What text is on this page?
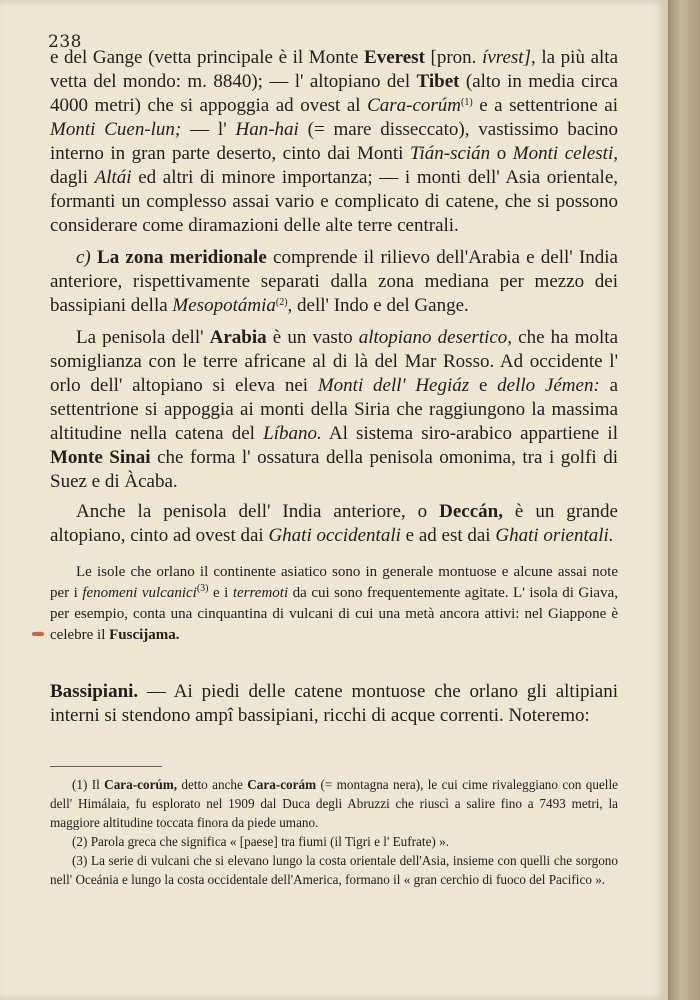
238

e del Gange (vetta principale è il Monte Everest [pron. ívrest], la più alta vetta del mondo: m. 8840); — l' altopiano del Tibet (alto in media circa 4000 metri) che si appoggia ad ovest al Cara-corúm$^{(1)}$ e a settentrione ai Monti Cuen-lun; — l' Han-hai (= mare disseccato), vastissimo bacino interno in gran parte deserto, cinto dai Monti Tián-scián o Monti celesti, dagli Altái ed altri di minore importanza; — i monti dell' Asia orientale, formanti un complesso assai vario e complicato di catene, che si possono considerare come diramazioni delle alte terre centrali.

c) La zona meridionale comprende il rilievo dell'Arabia e dell' India anteriore, rispettivamente separati dalla zona mediana per mezzo dei bassipiani della Mesopotámia$^{(2)}$, dell' Indo e del Gange.

La penisola dell' Arabia è un vasto altopiano desertico, che ha molta somiglianza con le terre africane al di là del Mar Rosso. Ad occidente l' orlo dell' altopiano si eleva nei Monti dell' Hegiáz e dello Jémen: a settentrione si appoggia ai monti della Siria che raggiungono la massima altitudine nella catena del Líbano. Al sistema siro-arabico appartiene il Monte Sinai che forma l' ossatura della penisola omonima, tra i golfi di Suez e di Àcaba.

Anche la penisola dell' India anteriore, o Deccán, è un grande altopiano, cinto ad ovest dai Ghati occidentali e ad est dai Ghati orientali.

Le isole che orlano il continente asiatico sono in generale montuose e alcune assai note per i fenomeni vulcanici$^{(3)}$ e i terremoti da cui sono frequentemente agitate. L' isola di Giava, per esempio, conta una cinquantina di vulcani di cui una metà ancora attivi: nel Giappone è celebre il Fuscijama.

Bassipiani. — Ai piedi delle catene montuose che orlano gli altipiani interni si stendono ampî bassipiani, ricchi di acque correnti. Noteremo:

(1) Il Cara-corúm, detto anche Cara-corám (= montagna nera), le cui cime rivaleggiano con quelle dell' Himálaia, fu esplorato nel 1909 dal Duca degli Abruzzi che riuscì a salire fino a 7493 metri, la maggiore altitudine toccata finora da piede umano.

(2) Parola greca che significa « [paese] tra fiumi (il Tigri e l' Eufrate) ».

(3) La serie di vulcani che si elevano lungo la costa orientale dell'Asia, insieme con quelli che sorgono nell' Oceánia e lungo la costa occidentale dell'America, formano il « gran cerchio di fuoco del Pacifico ».
